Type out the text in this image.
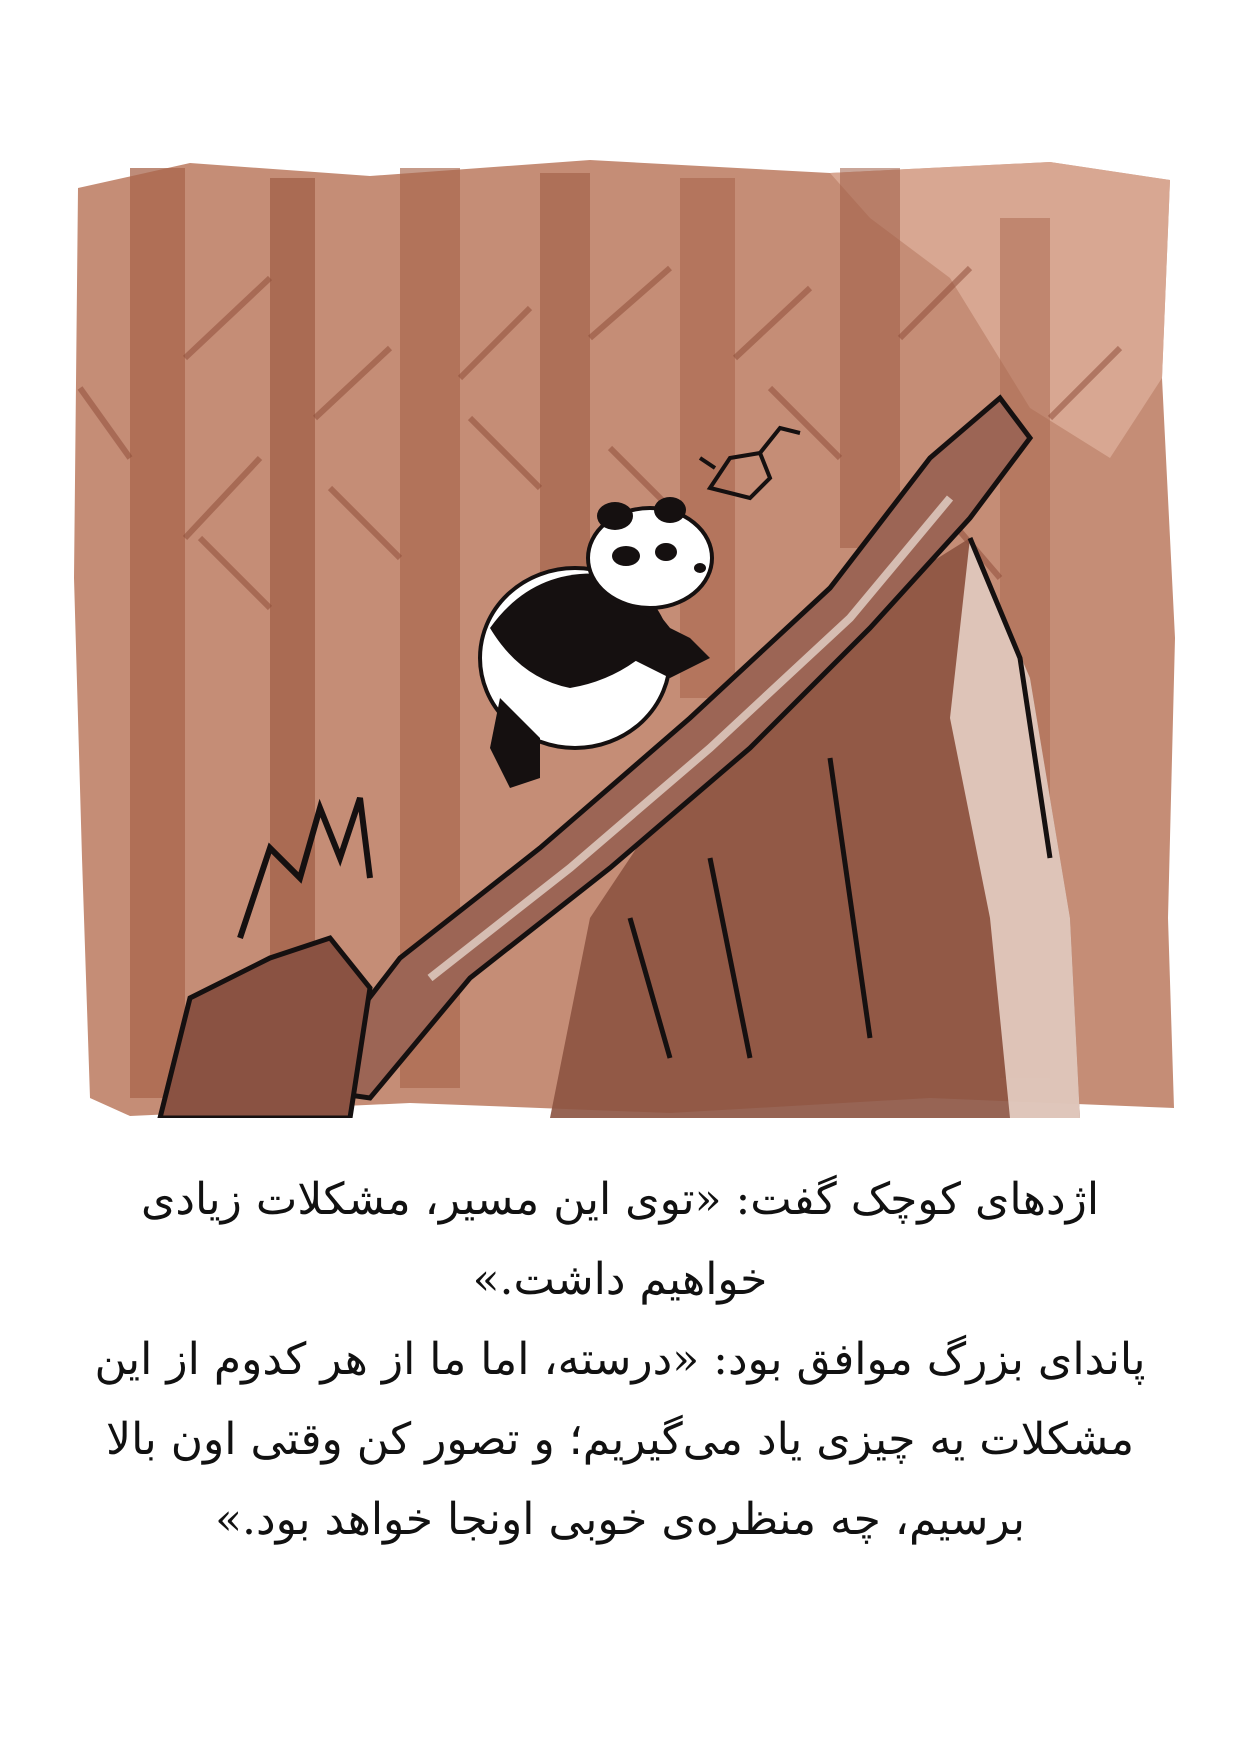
اژدهای کوچک گفت: «توی این مسیر، مشکلات زیادی خواهیم داشت.»

پاندای بزرگ موافق بود: «درسته، اما ما از هر کدوم از این مشکلات یه چیزی یاد می‌گیریم؛ و تصور کن وقتی اون بالا برسیم، چه منظره‌ی خوبی اونجا خواهد بود.»
